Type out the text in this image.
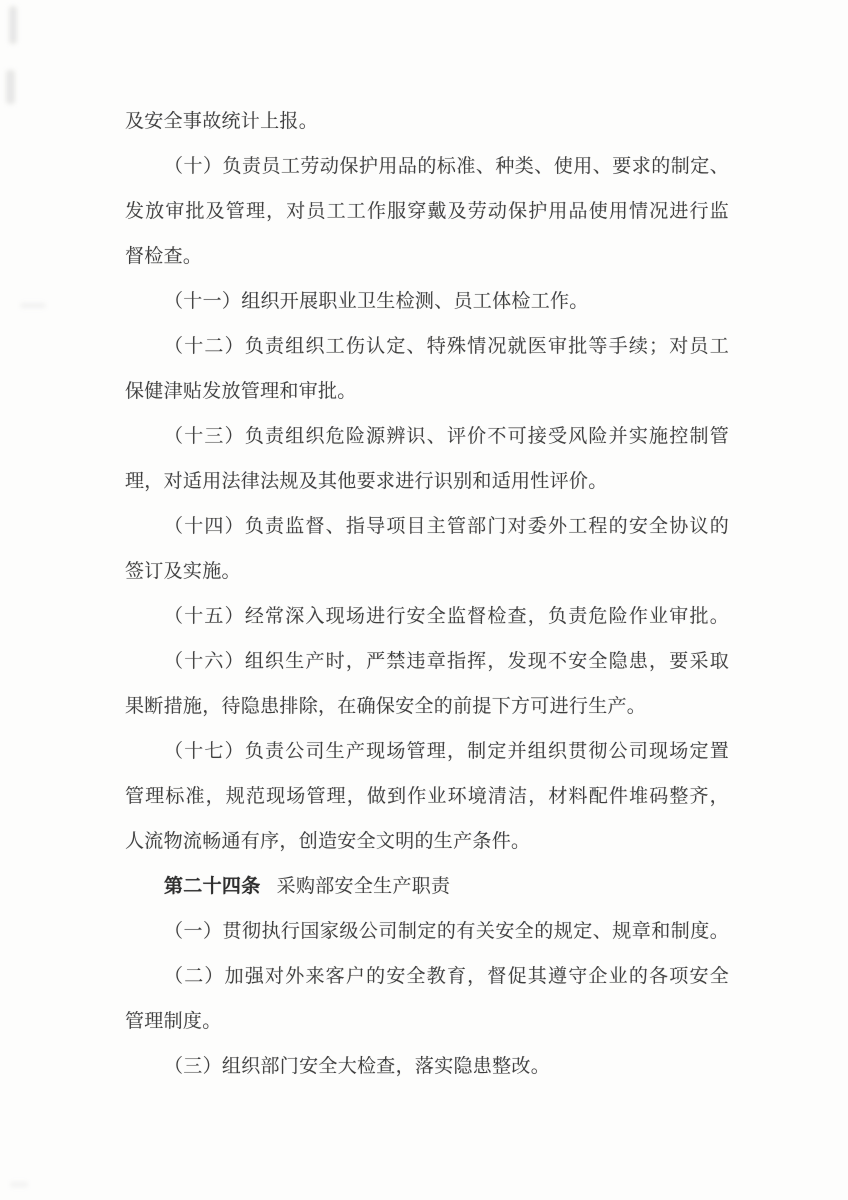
及安全事故统计上报。
（十）负责员工劳动保护用品的标准、种类、使用、要求的制定、
发放审批及管理，对员工工作服穿戴及劳动保护用品使用情况进行监
督检查。
（十一）组织开展职业卫生检测、员工体检工作。
（十二）负责组织工伤认定、特殊情况就医审批等手续；对员工
保健津贴发放管理和审批。
（十三）负责组织危险源辨识、评价不可接受风险并实施控制管
理，对适用法律法规及其他要求进行识别和适用性评价。
（十四）负责监督、指导项目主管部门对委外工程的安全协议的
签订及实施。
（十五）经常深入现场进行安全监督检查，负责危险作业审批。
（十六）组织生产时，严禁违章指挥，发现不安全隐患，要采取
果断措施，待隐患排除，在确保安全的前提下方可进行生产。
（十七）负责公司生产现场管理，制定并组织贯彻公司现场定置
管理标准，规范现场管理，做到作业环境清洁，材料配件堆码整齐，
人流物流畅通有序，创造安全文明的生产条件。
第二十四条 采购部安全生产职责
（一）贯彻执行国家级公司制定的有关安全的规定、规章和制度。
（二）加强对外来客户的安全教育，督促其遵守企业的各项安全
管理制度。
（三）组织部门安全大检查，落实隐患整改。
